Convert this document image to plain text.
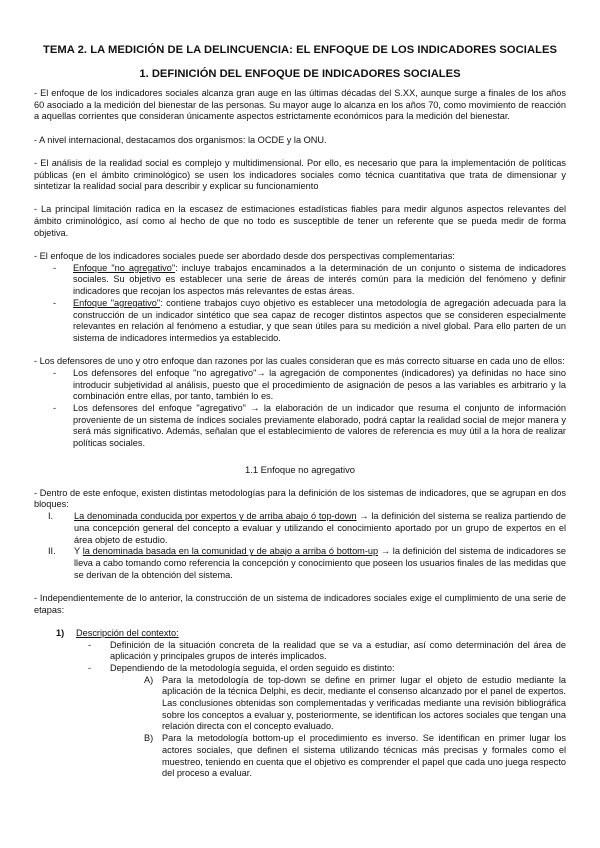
TEMA 2. LA MEDICIÓN DE LA DELINCUENCIA: EL ENFOQUE DE LOS INDICADORES SOCIALES
1. DEFINICIÓN DEL ENFOQUE DE INDICADORES SOCIALES

- El enfoque de los indicadores sociales alcanza gran auge en las últimas décadas del S.XX, aunque surge a finales de los años 60 asociado a la medición del bienestar de las personas. Su mayor auge lo alcanza en los años 70, como movimiento de reacción a aquellas corrientes que consideran únicamente aspectos estrictamente económicos para la medición del bienestar.

- A nivel internacional, destacamos dos organismos: la OCDE y la ONU.

- El análisis de la realidad social es complejo y multidimensional. Por ello, es necesario que para la implementación de políticas públicas (en el ámbito criminológico) se usen los indicadores sociales como técnica cuantitativa que trata de dimensionar y sintetizar la realidad social para describir y explicar su funcionamiento

- La principal limitación radica en la escasez de estimaciones estadísticas fiables para medir algunos aspectos relevantes del ámbito criminológico, así como al hecho de que no todo es susceptible de tener un referente que se pueda medir de forma objetiva.

- El enfoque de los indicadores sociales puede ser abordado desde dos perspectivas complementarias:

- Enfoque "no agregativo": incluye trabajos encaminados a la determinación de un conjunto o sistema de indicadores sociales. Su objetivo es establecer una serie de áreas de interés común para la medición del fenómeno y definir indicadores que recojan los aspectos más relevantes de estas áreas.
- Enfoque "agregativo": contiene trabajos cuyo objetivo es establecer una metodología de agregación adecuada para la construcción de un indicador sintético que sea capaz de recoger distintos aspectos que se consideren especialmente relevantes en relación al fenómeno a estudiar, y que sean útiles para su medición a nivel global. Para ello parten de un sistema de indicadores intermedios ya establecido.

- Los defensores de uno y otro enfoque dan razones por las cuales consideran que es más correcto situarse en cada uno de ellos:

- Los defensores del enfoque "no agregativo"→ la agregación de componentes (indicadores) ya definidas no hace sino introducir subjetividad al análisis, puesto que el procedimiento de asignación de pesos a las variables es arbitrario y la combinación entre ellas, por tanto, también lo es.
- Los defensores del enfoque "agregativo" → la elaboración de un indicador que resuma el conjunto de información proveniente de un sistema de índices sociales previamente elaborado, podrá captar la realidad social de mejor manera y será más significativo. Además, señalan que el establecimiento de valores de referencia es muy útil a la hora de realizar políticas sociales.
1.1 Enfoque no agregativo

- Dentro de este enfoque, existen distintas metodologías para la definición de los sistemas de indicadores, que se agrupan en dos bloques:

I. La denominada conducida por expertos y de arriba abajo ó top-down → la definición del sistema se realiza partiendo de una concepción general del concepto a evaluar y utilizando el conocimiento aportado por un grupo de expertos en el área objeto de estudio.
II. Y la denominada basada en la comunidad y de abajo a arriba ó bottom-up → la definición del sistema de indicadores se lleva a cabo tomando como referencia la concepción y conocimiento que poseen los usuarios finales de las medidas que se derivan de la obtención del sistema.

- Independientemente de lo anterior, la construcción de un sistema de indicadores sociales exige el cumplimiento de una serie de etapas:

1) Descripción del contexto:
- Definición de la situación concreta de la realidad que se va a estudiar, así como determinación del área de aplicación y principales grupos de interés implicados.
- Dependiendo de la metodología seguida, el orden seguido es distinto:
A) Para la metodología de top-down se define en primer lugar el objeto de estudio mediante la aplicación de la técnica Delphi, es decir, mediante el consenso alcanzado por el panel de expertos. Las conclusiones obtenidas son complementadas y verificadas mediante una revisión bibliográfica sobre los conceptos a evaluar y, posteriormente, se identifican los actores sociales que tengan una relación directa con el concepto evaluado.
B) Para la metodología bottom-up el procedimiento es inverso. Se identifican en primer lugar los actores sociales, que definen el sistema utilizando técnicas más precisas y formales como el muestreo, teniendo en cuenta que el objetivo es comprender el papel que cada uno juega respecto del proceso a evaluar.
